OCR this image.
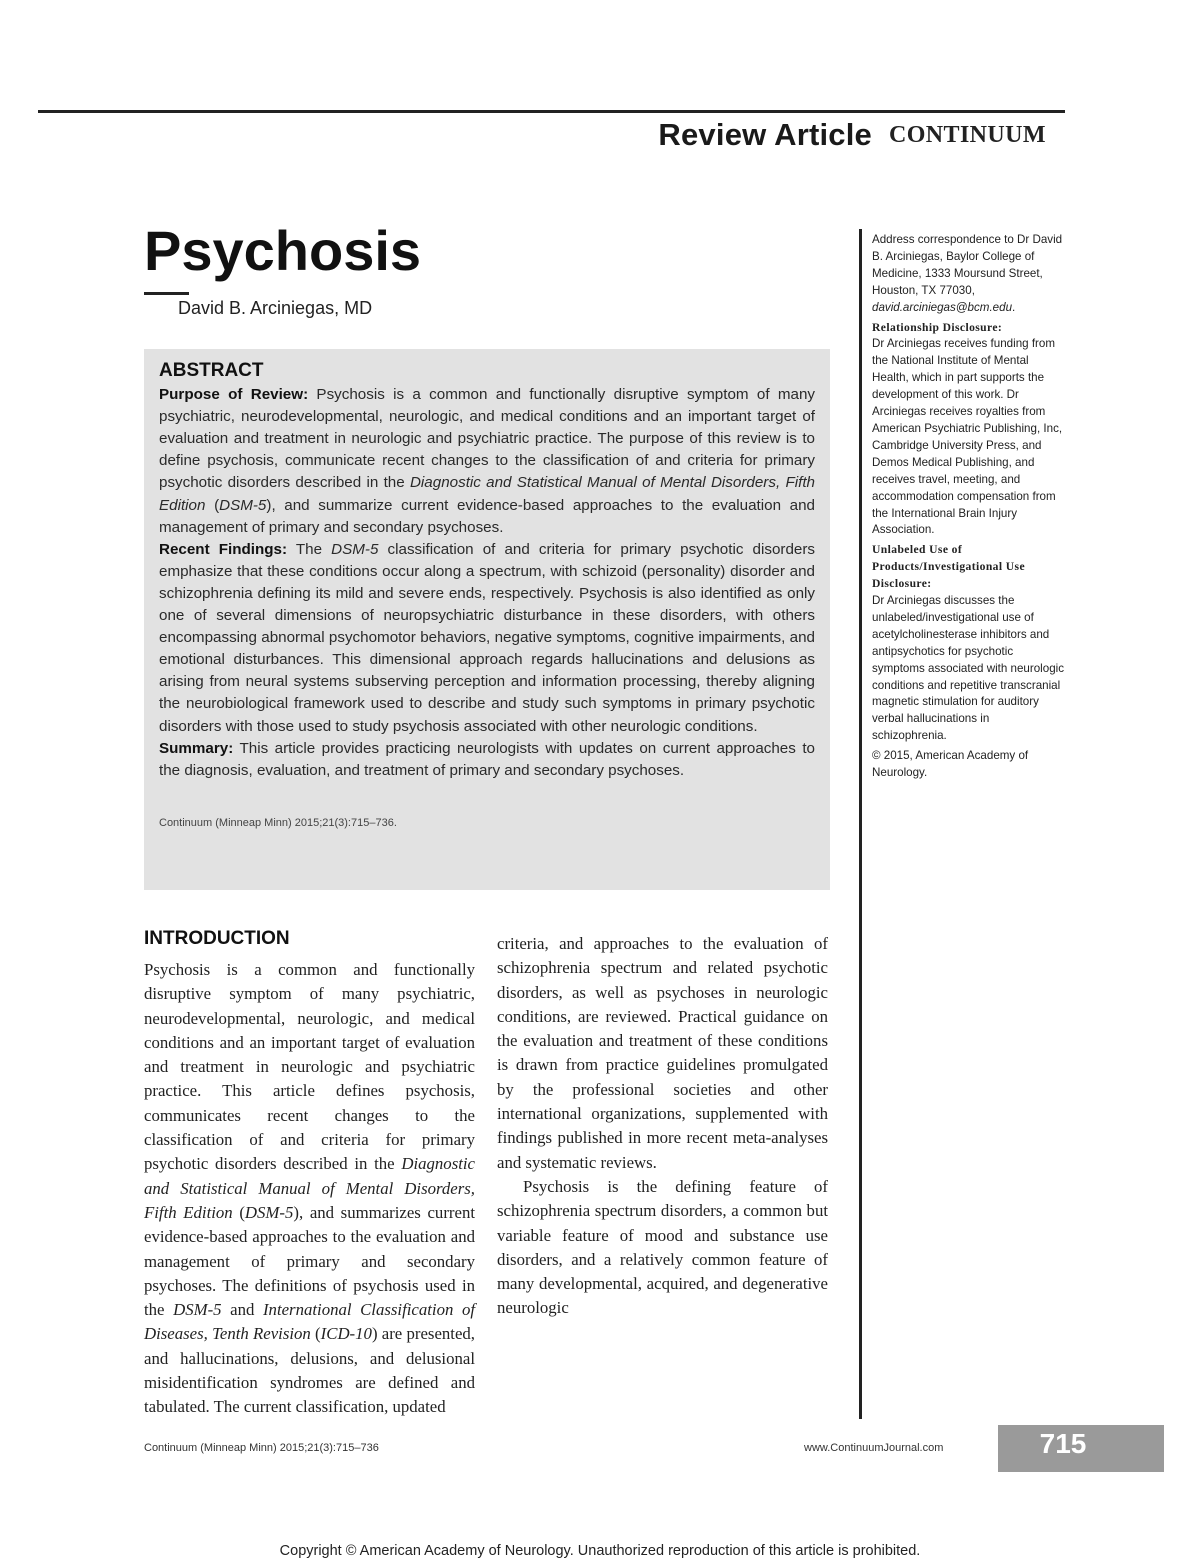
Review Article CONTINUUM
Psychosis
David B. Arciniegas, MD
ABSTRACT
Purpose of Review: Psychosis is a common and functionally disruptive symptom of many psychiatric, neurodevelopmental, neurologic, and medical conditions and an important target of evaluation and treatment in neurologic and psychiatric practice. The purpose of this review is to define psychosis, communicate recent changes to the classification of and criteria for primary psychotic disorders described in the Diagnostic and Statistical Manual of Mental Disorders, Fifth Edition (DSM-5), and summarize current evidence-based approaches to the evaluation and management of primary and secondary psychoses.
Recent Findings: The DSM-5 classification of and criteria for primary psychotic disorders emphasize that these conditions occur along a spectrum, with schizoid (personality) disorder and schizophrenia defining its mild and severe ends, respectively. Psychosis is also identified as only one of several dimensions of neuropsychiatric disturbance in these disorders, with others encompassing abnormal psychomotor behaviors, negative symptoms, cognitive impairments, and emotional disturbances. This dimensional approach regards hallucinations and delusions as arising from neural systems subserving perception and information processing, thereby aligning the neurobiological framework used to describe and study such symptoms in primary psychotic disorders with those used to study psychosis associated with other neurologic conditions.
Summary: This article provides practicing neurologists with updates on current approaches to the diagnosis, evaluation, and treatment of primary and secondary psychoses.
Continuum (Minneap Minn) 2015;21(3):715–736.
Address correspondence to Dr David B. Arciniegas, Baylor College of Medicine, 1333 Moursund Street, Houston, TX 77030, david.arciniegas@bcm.edu.
Relationship Disclosure:
Dr Arciniegas receives funding from the National Institute of Mental Health, which in part supports the development of this work. Dr Arciniegas receives royalties from American Psychiatric Publishing, Inc, Cambridge University Press, and Demos Medical Publishing, and receives travel, meeting, and accommodation compensation from the International Brain Injury Association.
Unlabeled Use of Products/Investigational Use Disclosure:
Dr Arciniegas discusses the unlabeled/investigational use of acetylcholinesterase inhibitors and antipsychotics for psychotic symptoms associated with neurologic conditions and repetitive transcranial magnetic stimulation for auditory verbal hallucinations in schizophrenia.
© 2015, American Academy of Neurology.
INTRODUCTION
Psychosis is a common and functionally disruptive symptom of many psychiatric, neurodevelopmental, neurologic, and medical conditions and an important target of evaluation and treatment in neurologic and psychiatric practice. This article defines psychosis, communicates recent changes to the classification of and criteria for primary psychotic disorders described in the Diagnostic and Statistical Manual of Mental Disorders, Fifth Edition (DSM-5), and summarizes current evidence-based approaches to the evaluation and management of primary and secondary psychoses. The definitions of psychosis used in the DSM-5 and International Classification of Diseases, Tenth Revision (ICD-10) are presented, and hallucinations, delusions, and delusional misidentification syndromes are defined and tabulated. The current classification, updated
criteria, and approaches to the evaluation of schizophrenia spectrum and related psychotic disorders, as well as psychoses in neurologic conditions, are reviewed. Practical guidance on the evaluation and treatment of these conditions is drawn from practice guidelines promulgated by the professional societies and other international organizations, supplemented with findings published in more recent meta-analyses and systematic reviews.

Psychosis is the defining feature of schizophrenia spectrum disorders, a common but variable feature of mood and substance use disorders, and a relatively common feature of many developmental, acquired, and degenerative neurologic

Continuum (Minneap Minn) 2015;21(3):715–736	www.ContinuumJournal.com	715
Copyright © American Academy of Neurology. Unauthorized reproduction of this article is prohibited.
